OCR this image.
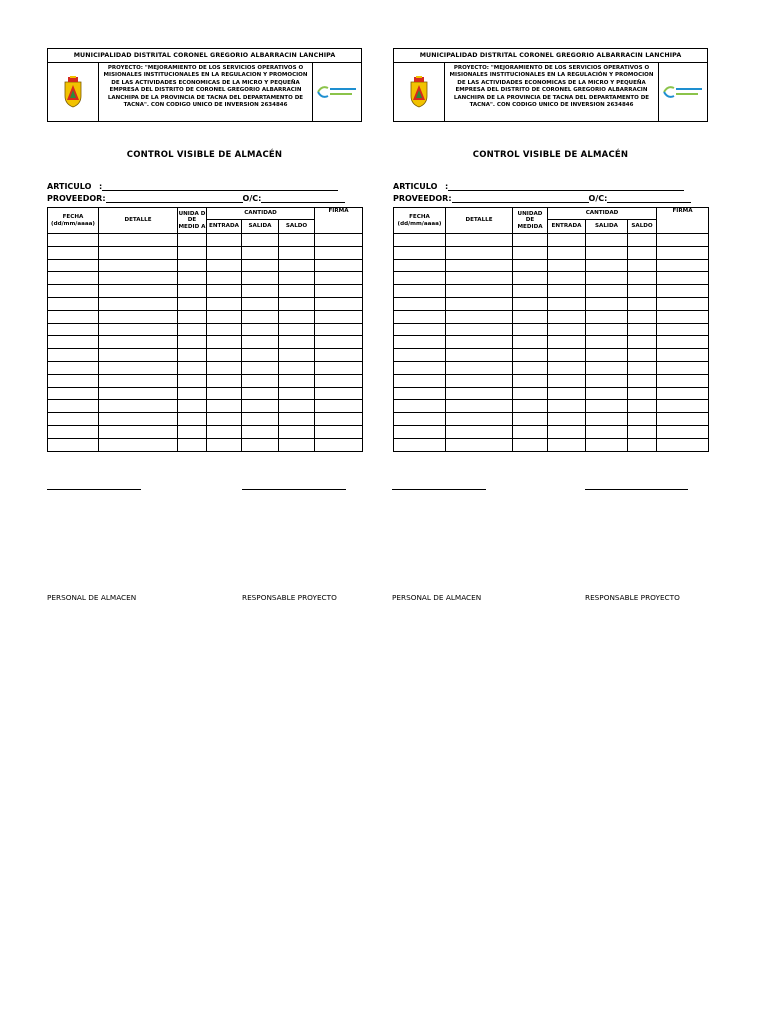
MUNICIPALIDAD DISTRITAL CORONEL GREGORIO ALBARRACIN LANCHIPA
PROYECTO: "MEJORAMIENTO DE LOS SERVICIOS OPERATIVOS O MISIONALES INSTITUCIONALES EN LA REGULACION Y PROMOCION DE LAS ACTIVIDADES ECONOMICAS DE LA MICRO Y PEQUEÑA EMPRESA DEL DISTRITO DE CORONEL GREGORIO ALBARRACIN LANCHIPA DE LA PROVINCIA DE TACNA DEL DEPARTAMENTO DE TACNA". CON CODIGO UNICO DE INVERSION 2634846
CONTROL VISIBLE DE ALMACÉN
ARTICULO :
PROVEEDOR :	O/C:
FECHA (dd/mm/aaaa)	DETALLE	UNIDA D DE MEDID A	CANTIDAD			FIRMA
			ENTRADA	SALIDA	SALDO	

MUNICIPALIDAD DISTRITAL CORONEL GREGORIO ALBARRACIN LANCHIPA
PROYECTO: "MEJORAMIENTO DE LOS SERVICIOS OPERATIVOS O MISIONALES INSTITUCIONALES EN LA REGULACIÓN Y PROMOCION DE LAS ACTIVIDADES ECONOMICAS DE LA MICRO Y PEQUEÑA EMPRESA DEL DISTRITO DE CORONEL GREGORIO ALBARRACIN LANCHIPA DE LA PROVINCIA DE TACNA DEL DEPARTAMENTO DE TACNA". CON CODIGO UNICO DE INVERSION 2634846
CONTROL VISIBLE DE ALMACÉN
ARTICULO :
PROVEEDOR :	O/C:
FECHA (dd/mm/aaaa)	DETALLE	UNIDAD DE MEDIDA	CANTIDAD			FIRMA
			ENTRADA	SALIDA	SALDO	

PERSONAL DE ALMACEN	RESPONSABLE PROYECTO	PERSONAL DE ALMACEN	RESPONSABLE PROYECTO
